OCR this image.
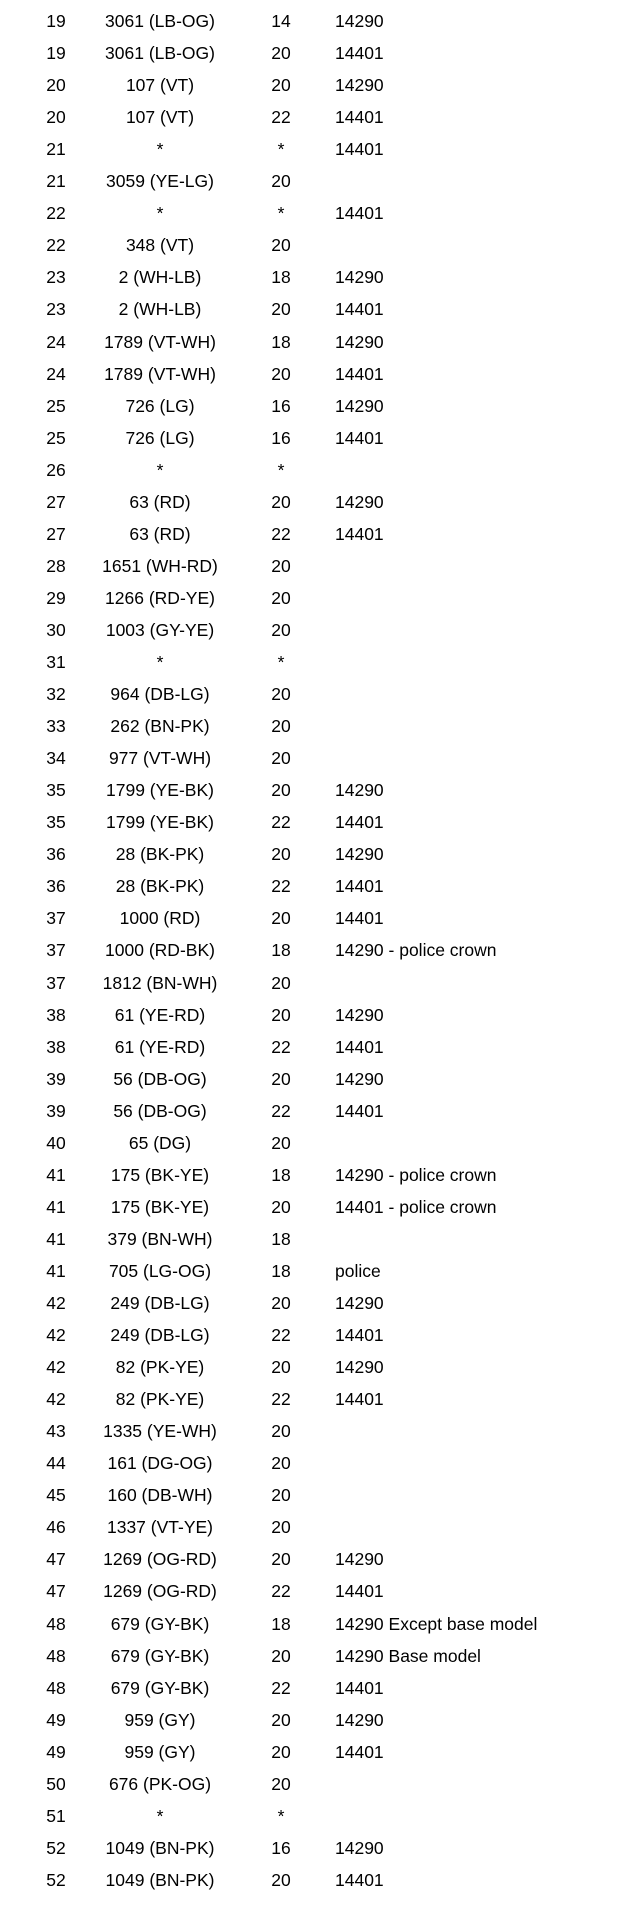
19	3061 (LB-OG)	14	14290
19	3061 (LB-OG)	20	14401
20	107 (VT)	20	14290
20	107 (VT)	22	14401
21	*	*	14401
21	3059 (YE-LG)	20
22	*	*	14401
22	348 (VT)	20
23	2 (WH-LB)	18	14290
23	2 (WH-LB)	20	14401
24	1789 (VT-WH)	18	14290
24	1789 (VT-WH)	20	14401
25	726 (LG)	16	14290
25	726 (LG)	16	14401
26	*	*
27	63 (RD)	20	14290
27	63 (RD)	22	14401
28	1651 (WH-RD)	20
29	1266 (RD-YE)	20
30	1003 (GY-YE)	20
31	*	*
32	964 (DB-LG)	20
33	262 (BN-PK)	20
34	977 (VT-WH)	20
35	1799 (YE-BK)	20	14290
35	1799 (YE-BK)	22	14401
36	28 (BK-PK)	20	14290
36	28 (BK-PK)	22	14401
37	1000 (RD)	20	14401
37	1000 (RD-BK)	18	14290 - police crown
37	1812 (BN-WH)	20
38	61 (YE-RD)	20	14290
38	61 (YE-RD)	22	14401
39	56 (DB-OG)	20	14290
39	56 (DB-OG)	22	14401
40	65 (DG)	20
41	175 (BK-YE)	18	14290 - police crown
41	175 (BK-YE)	20	14401 - police crown
41	379 (BN-WH)	18
41	705 (LG-OG)	18	police
42	249 (DB-LG)	20	14290
42	249 (DB-LG)	22	14401
42	82 (PK-YE)	20	14290
42	82 (PK-YE)	22	14401
43	1335 (YE-WH)	20
44	161 (DG-OG)	20
45	160 (DB-WH)	20
46	1337 (VT-YE)	20
47	1269 (OG-RD)	20	14290
47	1269 (OG-RD)	22	14401
48	679 (GY-BK)	18	14290 Except base model
48	679 (GY-BK)	20	14290 Base model
48	679 (GY-BK)	22	14401
49	959 (GY)	20	14290
49	959 (GY)	20	14401
50	676 (PK-OG)	20
51	*	*
52	1049 (BN-PK)	16	14290
52	1049 (BN-PK)	20	14401
